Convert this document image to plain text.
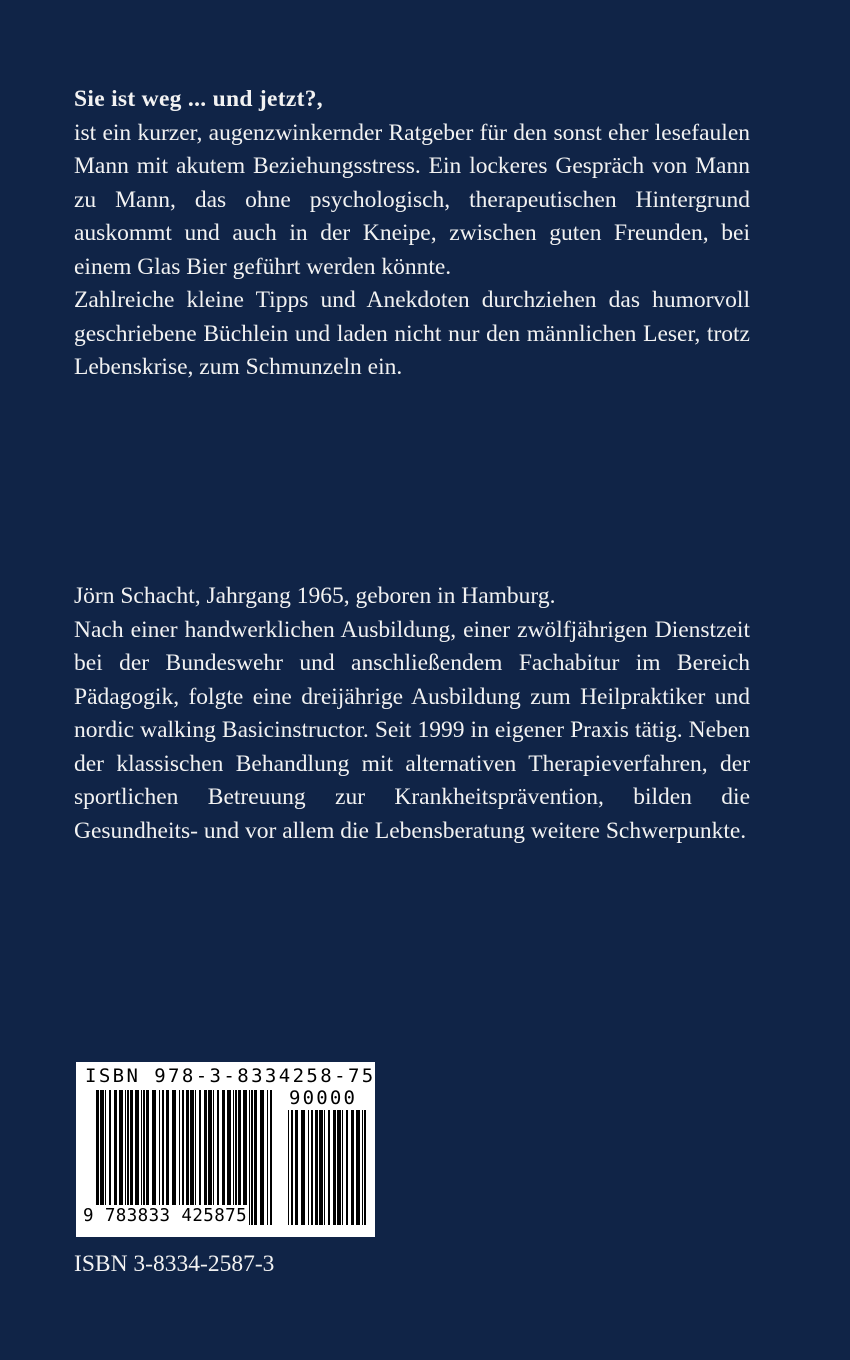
Sie ist weg ... und jetzt?,

ist ein kurzer, augenzwinkernder Ratgeber für den sonst eher lesefaulen Mann mit akutem Beziehungsstress. Ein lockeres Gespräch von Mann zu Mann, das ohne psychologisch, therapeutischen Hintergrund auskommt und auch in der Kneipe, zwischen guten Freunden, bei einem Glas Bier geführt werden könnte.

Zahlreiche kleine Tipps und Anekdoten durchziehen das humorvoll geschriebene Büchlein und laden nicht nur den männlichen Leser, trotz Lebenskrise, zum Schmunzeln ein.

Jörn Schacht, Jahrgang 1965, geboren in Hamburg.

Nach einer handwerklichen Ausbildung, einer zwölfjährigen Dienstzeit bei der Bundeswehr und anschließendem Fachabitur im Bereich Pädagogik, folgte eine dreijährige Ausbildung zum Heilpraktiker und nordic walking Basicinstructor. Seit 1999 in eigener Praxis tätig. Neben der klassischen Behandlung mit alternativen Therapieverfahren, der sportlichen Betreuung zur Krankheitsprävention, bilden die Gesundheits- und vor allem die Lebensberatung weitere Schwerpunkte.

ISBN 978-3-8334258-75
90000
9 783833 425875
ISBN 3-8334-2587-3
